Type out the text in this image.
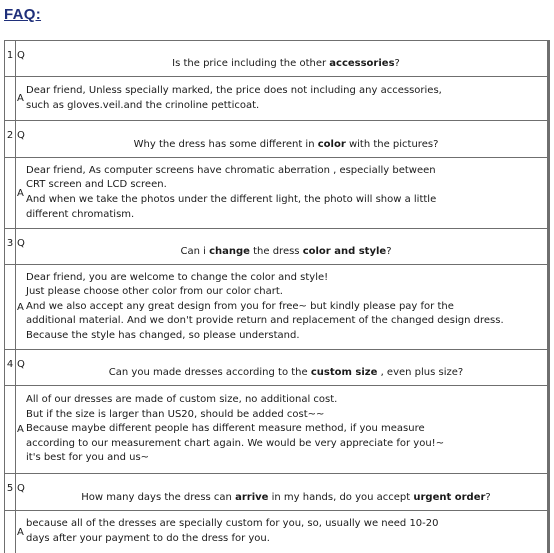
FAQ:
1 Q
Is the price including the other accessories?
A
Dear friend, Unless specially marked, the price does not including any accessories,
such as gloves.veil.and the crinoline petticoat.
2 Q
Why the dress has some different in color with the pictures?
A
Dear friend, As computer screens have chromatic aberration , especially between
CRT screen and LCD screen.
And when we take the photos under the different light, the photo will show a little
different chromatism.
3 Q
Can i change the dress color and style?
A
Dear friend, you are welcome to change the color and style!
Just please choose other color from our color chart.
And we also accept any great design from you for free~ but kindly please pay for the
additional material. And we don't provide return and replacement of the changed design dress.
Because the style has changed, so please understand.
4 Q
Can you made dresses according to the custom size , even plus size?
A
All of our dresses are made of custom size, no additional cost.
But if the size is larger than US20, should be added cost~~
Because maybe different people has different measure method, if you measure
according to our measurement chart again. We would be very appreciate for you!~
it's best for you and us~
5 Q
How many days the dress can arrive in my hands, do you accept urgent order?
A
because all of the dresses are specially custom for you, so, usually we need 10-20
days after your payment to do the dress for you.
